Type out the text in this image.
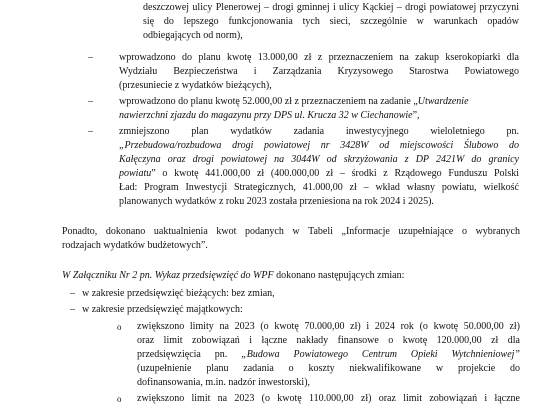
deszczowej ulicy Plenerowej – drogi gminnej i ulicy Kąckiej – drogi powiatowej przyczyni
się do lepszego funkcjonowania tych sieci, szczególnie w warunkach opadów
odbiegających od norm),
–	wprowadzono do planu kwotę 13.000,00 zł z przeznaczeniem na zakup kserokopiarki dla
Wydziału Bezpieczeństwa i Zarządzania Kryzysowego Starostwa Powiatowego
(przesuniecie z wydatków bieżących),
–	wprowadzono do planu kwotę 52.000,00 zł z przeznaczeniem na zadanie „Utwardzenie
nawierzchni zjazdu do magazynu przy DPS ul. Krucza 32 w Ciechanowie”,
–	zmniejszono plan wydatków zadania inwestycyjnego wieloletniego pn.
„Przebudowa/rozbudowa drogi powiatowej nr 3428W od miejscowości Ślubowo do
Kałęczyna oraz drogi powiatowej na 3044W od skrzyżowania z DP 2421W do granicy
powiatu” o kwotę 441.000,00 zł (400.000,00 zł – środki z Rządowego Funduszu Polski
Ład: Program Inwestycji Strategicznych, 41.000,00 zł – wkład własny powiatu, wielkość
planowanych wydatków z roku 2023 została przeniesiona na rok 2024 i 2025).
Ponadto, dokonano uaktualnienia kwot podanych w Tabeli „Informacje uzupełniające o wybranych
rodzajach wydatków budżetowych”.
W Załączniku Nr 2 pn. Wykaz przedsięwzięć do WPF dokonano następujących zmian:
– w zakresie przedsięwzięć bieżących: bez zmian,
– w zakresie przedsięwzięć majątkowych:
o zwiększono limity na 2023 (o kwotę 70.000,00 zł) i 2024 rok (o kwotę 50.000,00 zł)
oraz limit zobowiązań i łączne nakłady finansowe o kwotę 120.000,00 zł dla
przedsięwzięcia pn. „Budowa Powiatowego Centrum Opieki Wytchnieniowej”
(uzupełnienie planu zadania o koszty niekwalifikowane w projekcie do
dofinansowania, m.in. nadzór inwestorski),
o zwiększono limit na 2023 (o kwotę 110.000,00 zł) oraz limit zobowiązań i łączne
